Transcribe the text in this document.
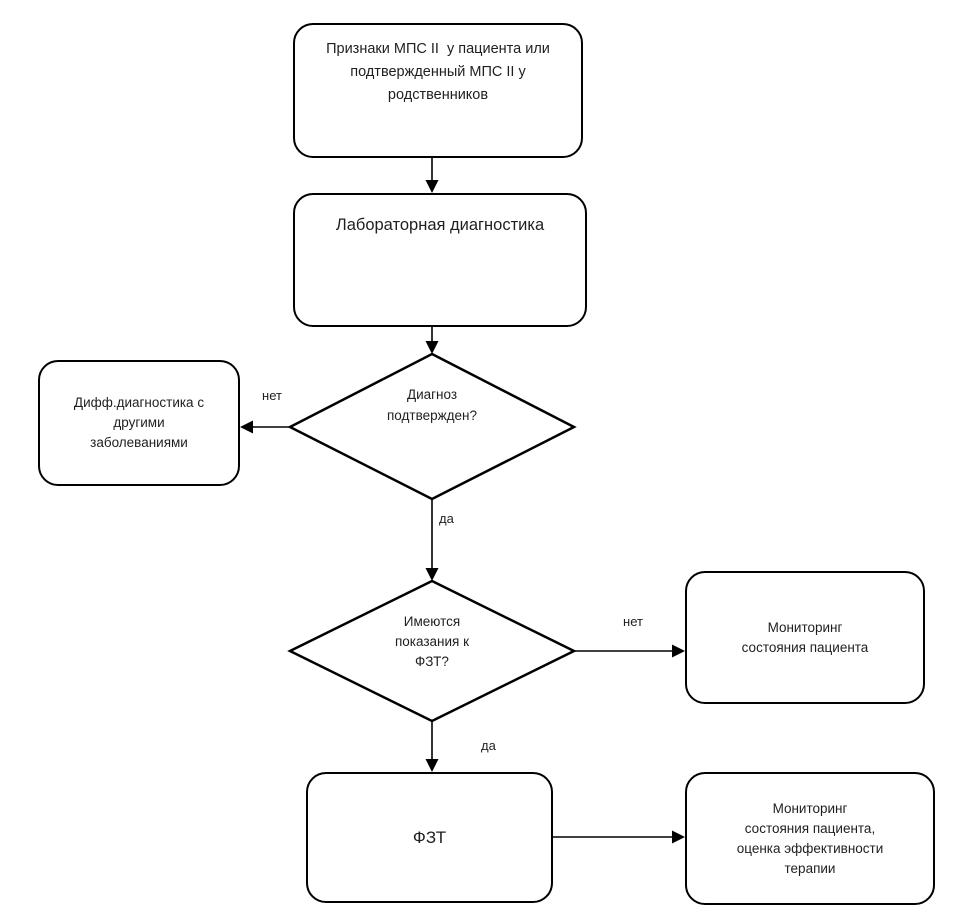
Признаки МПС II  у пациента или
подтвержденный МПС II у
родственников
Лабораторная диагностика
Дифф.диагностика с
другими
заболеваниями
Диагноз
подтвержден?
Имеются
показания к
ФЗТ?
Мониторинг
состояния пациента
ФЗТ
Мониторинг
состояния пациента,
оценка эффективности
терапии
нет
да
нет
да
